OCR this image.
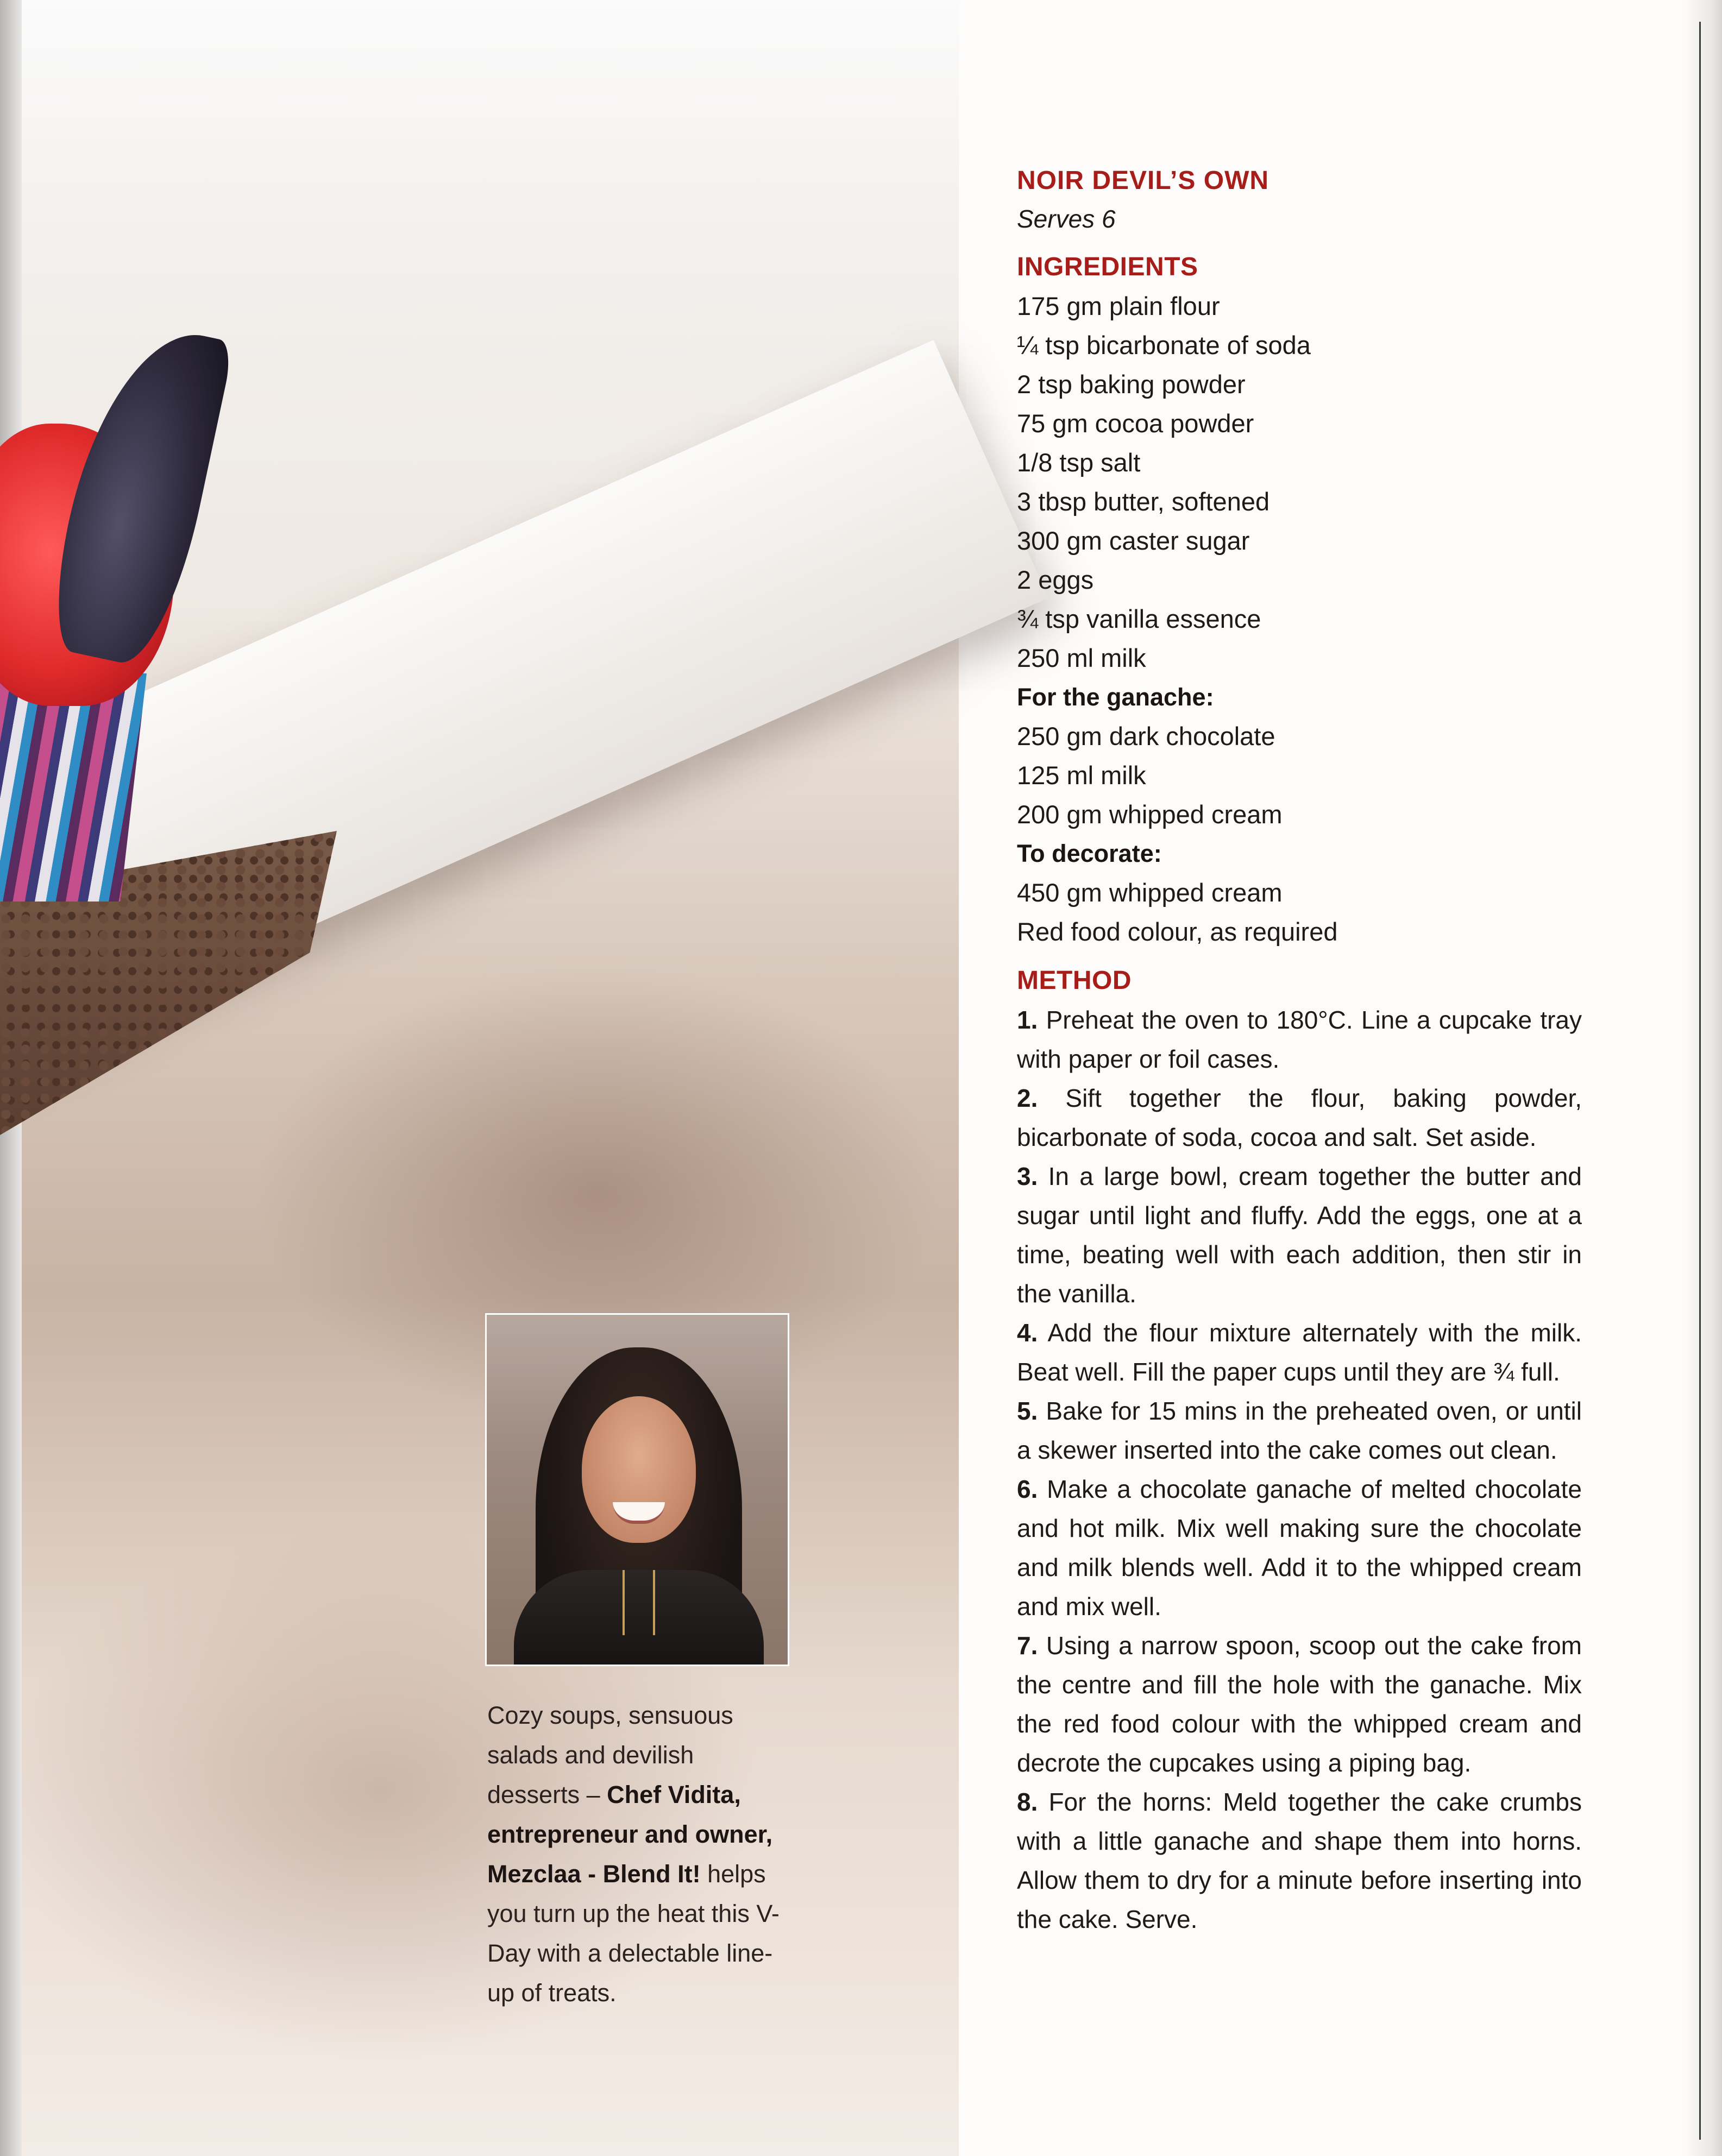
Cozy soups, sensuous salads and devilish desserts – Chef Vidita, entrepreneur and owner, Mezclaa - Blend It! helps you turn up the heat this V-Day with a delectable line-up of treats.
NOIR DEVIL’S OWN
Serves 6
INGREDIENTS
175 gm plain flour
¼ tsp bicarbonate of soda
2 tsp baking powder
75 gm cocoa powder
1/8 tsp salt
3 tbsp butter, softened
300 gm caster sugar
2 eggs
¾ tsp vanilla essence
250 ml milk
For the ganache:
250 gm dark chocolate
125 ml milk
200 gm whipped cream
To decorate:
450 gm whipped cream
Red food colour, as required
METHOD
1. Preheat the oven to 180°C. Line a cupcake tray with paper or foil cases.
2. Sift together the flour, baking powder, bicarbonate of soda, cocoa and salt. Set aside.
3. In a large bowl, cream together the butter and sugar until light and fluffy. Add the eggs, one at a time, beating well with each addition, then stir in the vanilla.
4. Add the flour mixture alternately with the milk. Beat well. Fill the paper cups until they are ¾ full.
5. Bake for 15 mins in the preheated oven, or until a skewer inserted into the cake comes out clean.
6. Make a chocolate ganache of melted chocolate and hot milk. Mix well making sure the chocolate and milk blends well. Add it to the whipped cream and mix well.
7. Using a narrow spoon, scoop out the cake from the centre and fill the hole with the ganache. Mix the red food colour with the whipped cream and decrote the cupcakes using a piping bag.
8. For the horns: Meld together the cake crumbs with a little ganache and shape them into horns. Allow them to dry for a minute before inserting into the cake. Serve.
